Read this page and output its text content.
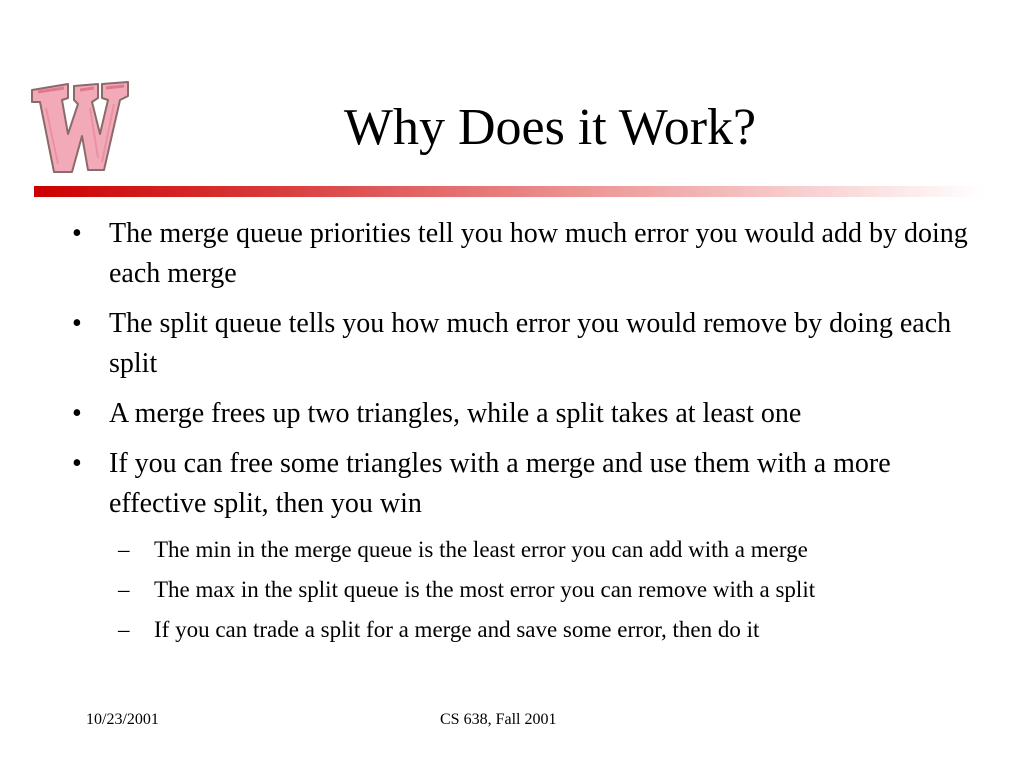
Why Does it Work?
• The merge queue priorities tell you how much error you would add by doing each merge
• The split queue tells you how much error you would remove by doing each split
• A merge frees up two triangles, while a split takes at least one
• If you can free some triangles with a merge and use them with a more effective split, then you win
– The min in the merge queue is the least error you can add with a merge
– The max in the split queue is the most error you can remove with a split
– If you can trade a split for a merge and save some error, then do it
10/23/2001	CS 638, Fall 2001
